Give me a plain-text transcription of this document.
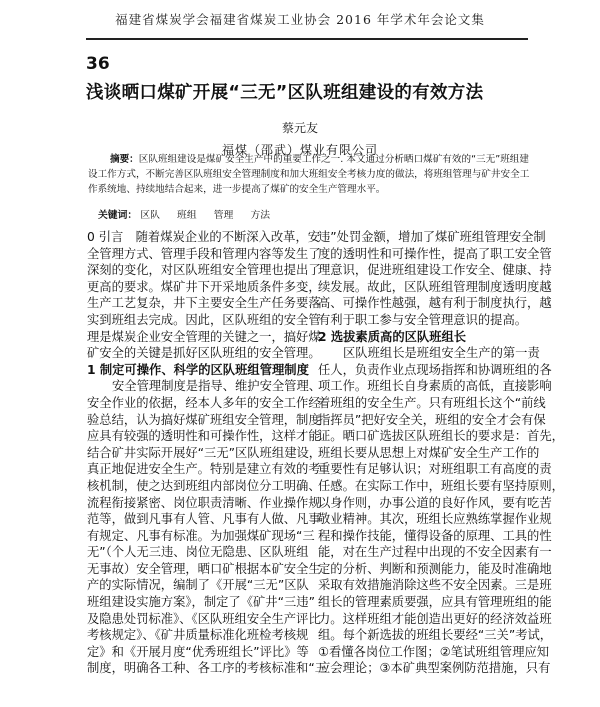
福建省煤炭学会福建省煤炭工业协会 2016 年学术年会论文集
36
浅谈晒口煤矿开展“三无”区队班组建设的有效方法
蔡元友
福煤（邵武）煤业有限公司
摘要：区队班组建设是煤矿安全生产中的重要工作之一. 本文通过分析晒口煤矿有效的“三无”班组建
设工作方式，不断完善区队班组安全管理制度和加大班组安全考核力度的做法，将班组管理与矿井安全工
作系统地、持续地结合起来，进一步提高了煤矿的安全生产管理水平。
关键词： 区队 班组 管理 方法
0 引言　随着煤炭企业的不断深入改革，安
全管理方式、管理手段和管理内容等发生了
深刻的变化，对区队班组安全管理也提出了
更高的要求。煤矿井下开采地质条件多变，
生产工艺复杂，井下主要安全生产任务要落
实到班组去完成。因此，区队班组的安全管
理是煤炭企业安全管理的关键之一，搞好煤
矿安全的关键是抓好区队班组的安全管理。
1 制定可操作、科学的区队班组管理制度
安全管理制度是指导、维护安全管理、
安全作业的依据，经本人多年的安全工作经
验总结，认为搞好煤矿班组安全管理，制度
应具有较强的透明性和可操作性，这样才能
结合矿井实际开展好“三无”区队班组建设，
真正地促进安全生产。特别是建立有效的考
核机制，使之达到班组内部岗位分工明确、
流程衔接紧密、岗位职责清晰、作业操作规
范等，做到凡事有人管、凡事有人做、凡事
有规定、凡事有标准。为加强煤矿现场“三
无”（个人无三违、岗位无隐患、区队班组
无事故）安全管理，晒口矿根据本矿安全生
产的实际情况，编制了《开展“三无”区队
班组建设实施方案》，制定了《矿井“三违”
及隐患处罚标准》、《区队班组安全生产评比
考核规定》、《矿井质量标准化班检考核规
定》和《开展月度“优秀班组长”评比》等
制度，明确各工种、各工序的考核标准和“三
违”处罚金额，增加了煤矿班组管理安全制
度的透明性和可操作性，提高了职工安全管
理意识，促进班组建设工作安全、健康、持
续发展。故此，区队班组管理制度透明度越
高、可操作性越强，越有利于制度执行，越
有利于职工参与安全管理意识的提高。
2 选拔素质高的区队班组长
区队班组长是班组安全生产的第一责
任人，负责作业点现场指挥和协调班组的各
项工作。班组长自身素质的高低，直接影响
着班组的安全生产。只有班组长这个“前线
指挥员”把好安全关，班组的安全才会有保
证。晒口矿选拔区队班组长的要求是：首先，
班组长要从思想上对煤矿安全生产工作的
重要性有足够认识；对班组职工有高度的责
任感。在实际工作中，班组长要有坚持原则，
以身作则，办事公道的良好作风，要有吃苦
敬业精神。其次，班组长应熟练掌握作业规
程和操作技能，懂得设备的原理、工具的性
能，对在生产过程中出现的不安全因素有一
定的分析、判断和预测能力，能及时准确地
采取有效措施消除这些不安全因素。三是班
组长的管理素质要强，应具有管理班组的能
力。这样班组才能创造出更好的经济效益班
组。每个新选拔的班组长要经“三关”考试，
①看懂各岗位工作图；②笔试班组管理应知
应会理论；③本矿典型案例防范措施，只有
